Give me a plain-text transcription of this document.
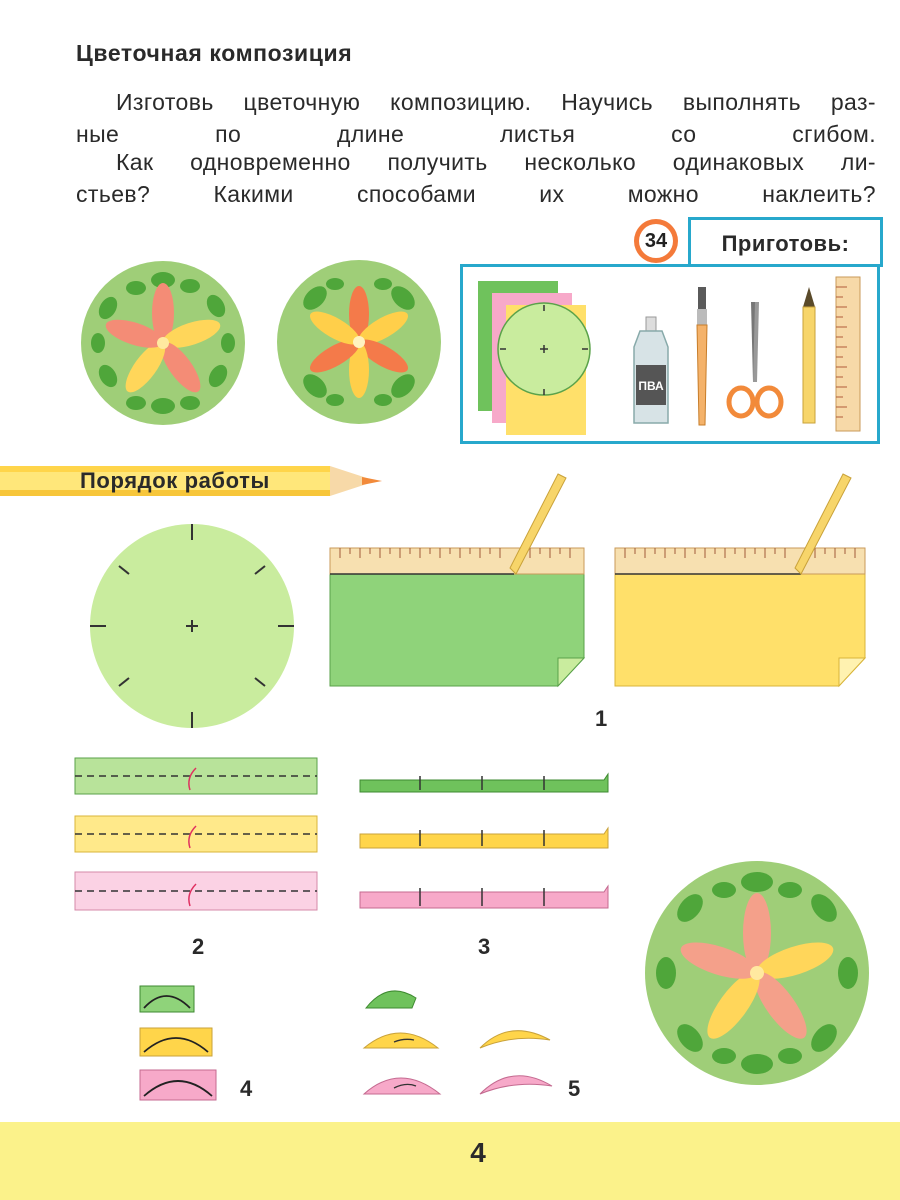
Цветочная композиция
Изготовь цветочную композицию. Научись выполнять раз-
ные по длине листья со сгибом.
Как одновременно получить несколько одинаковых ли-
стьев? Какими способами их можно наклеить?
34	Приготовь:
ПВА
Порядок работы
1
2	3
4	5
4
